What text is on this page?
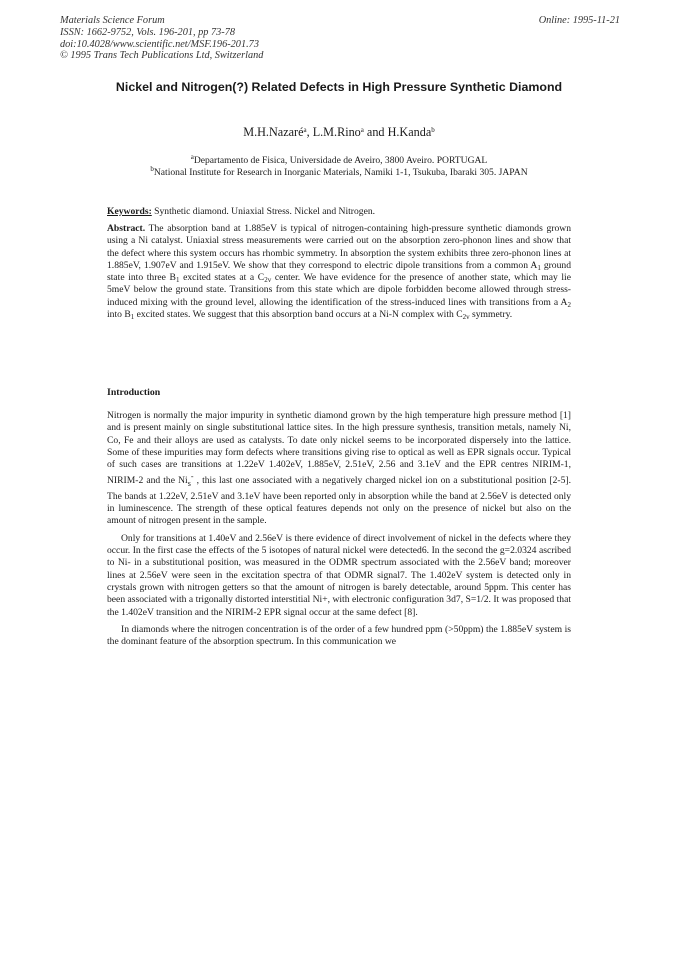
Materials Science Forum
ISSN: 1662-9752, Vols. 196-201, pp 73-78
doi:10.4028/www.scientific.net/MSF.196-201.73
© 1995 Trans Tech Publications Ltd, Switzerland
Online: 1995-11-21
Nickel and Nitrogen(?) Related Defects in High Pressure Synthetic Diamond
M.H.Nazaré$^a$, L.M.Rino$^a$ and H.Kanda$^b$
$^a$Departamento de Fisica, Universidade de Aveiro, 3800 Aveiro. PORTUGAL
$^b$National Institute for Research in Inorganic Materials, Namiki 1-1, Tsukuba, Ibaraki 305. JAPAN
Keywords: Synthetic diamond. Uniaxial Stress. Nickel and Nitrogen.
Abstract. The absorption band at 1.885eV is typical of nitrogen-containing high-pressure synthetic diamonds grown using a Ni catalyst. Uniaxial stress measurements were carried out on the absorption zero-phonon lines and show that the defect where this system occurs has rhombic symmetry. In absorption the system exhibits three zero-phonon lines at 1.885eV, 1.907eV and 1.915eV. We show that they correspond to electric dipole transitions from a common $A_1$ ground state into three $B_1$ excited states at a $C_{2v}$ center. We have evidence for the presence of another state, which may lie 5meV below the ground state. Transitions from this state which are dipole forbidden become allowed through stress-induced mixing with the ground level, allowing the identification of the stress-induced lines with transitions from a $A_2$ into $B_1$ excited states. We suggest that this absorption band occurs at a Ni-N complex with $C_{2v}$ symmetry.
Introduction

Nitrogen is normally the major impurity in synthetic diamond grown by the high temperature high pressure method [1] and is present mainly on single substitutional lattice sites. In the high pressure synthesis, transition metals, namely Ni, Co, Fe and their alloys are used as catalysts. To date only nickel seems to be incorporated dispersely into the lattice. Some of these impurities may form defects where transitions giving rise to optical as well as EPR signals occur. Typical of such cases are transitions at 1.22eV 1.402eV, 1.885eV, 2.51eV, 2.56 and 3.1eV and the EPR centres NIRIM-1, NIRIM-2 and the $Ni_s^-$ , this last one associated with a negatively charged nickel ion on a substitutional position [2-5]. The bands at 1.22eV, 2.51eV and 3.1eV have been reported only in absorption while the band at 2.56eV is detected only in luminescence. The strength of these optical features depends not only on the presence of nickel but also on the amount of nitrogen present in the sample.

Only for transitions at 1.40eV and 2.56eV is there evidence of direct involvement of nickel in the defects where they occur. In the first case the effects of the 5 isotopes of natural nickel were detected6. In the second the g=2.0324 ascribed to Ni- in a substitutional position, was measured in the ODMR spectrum associated with the 2.56eV band; moreover lines at 2.56eV were seen in the excitation spectra of that ODMR signal7. The 1.402eV system is detected only in crystals grown with nitrogen getters so that the amount of nitrogen is barely detectable, around 5ppm. This center has been associated with a trigonally distorted interstitial Ni+, with electronic configuration 3d7, S=1/2. It was proposed that the 1.402eV transition and the NIRIM-2 EPR signal occur at the same defect [8].

In diamonds where the nitrogen concentration is of the order of a few hundred ppm (>50ppm) the 1.885eV system is the dominant feature of the absorption spectrum. In this communication we
